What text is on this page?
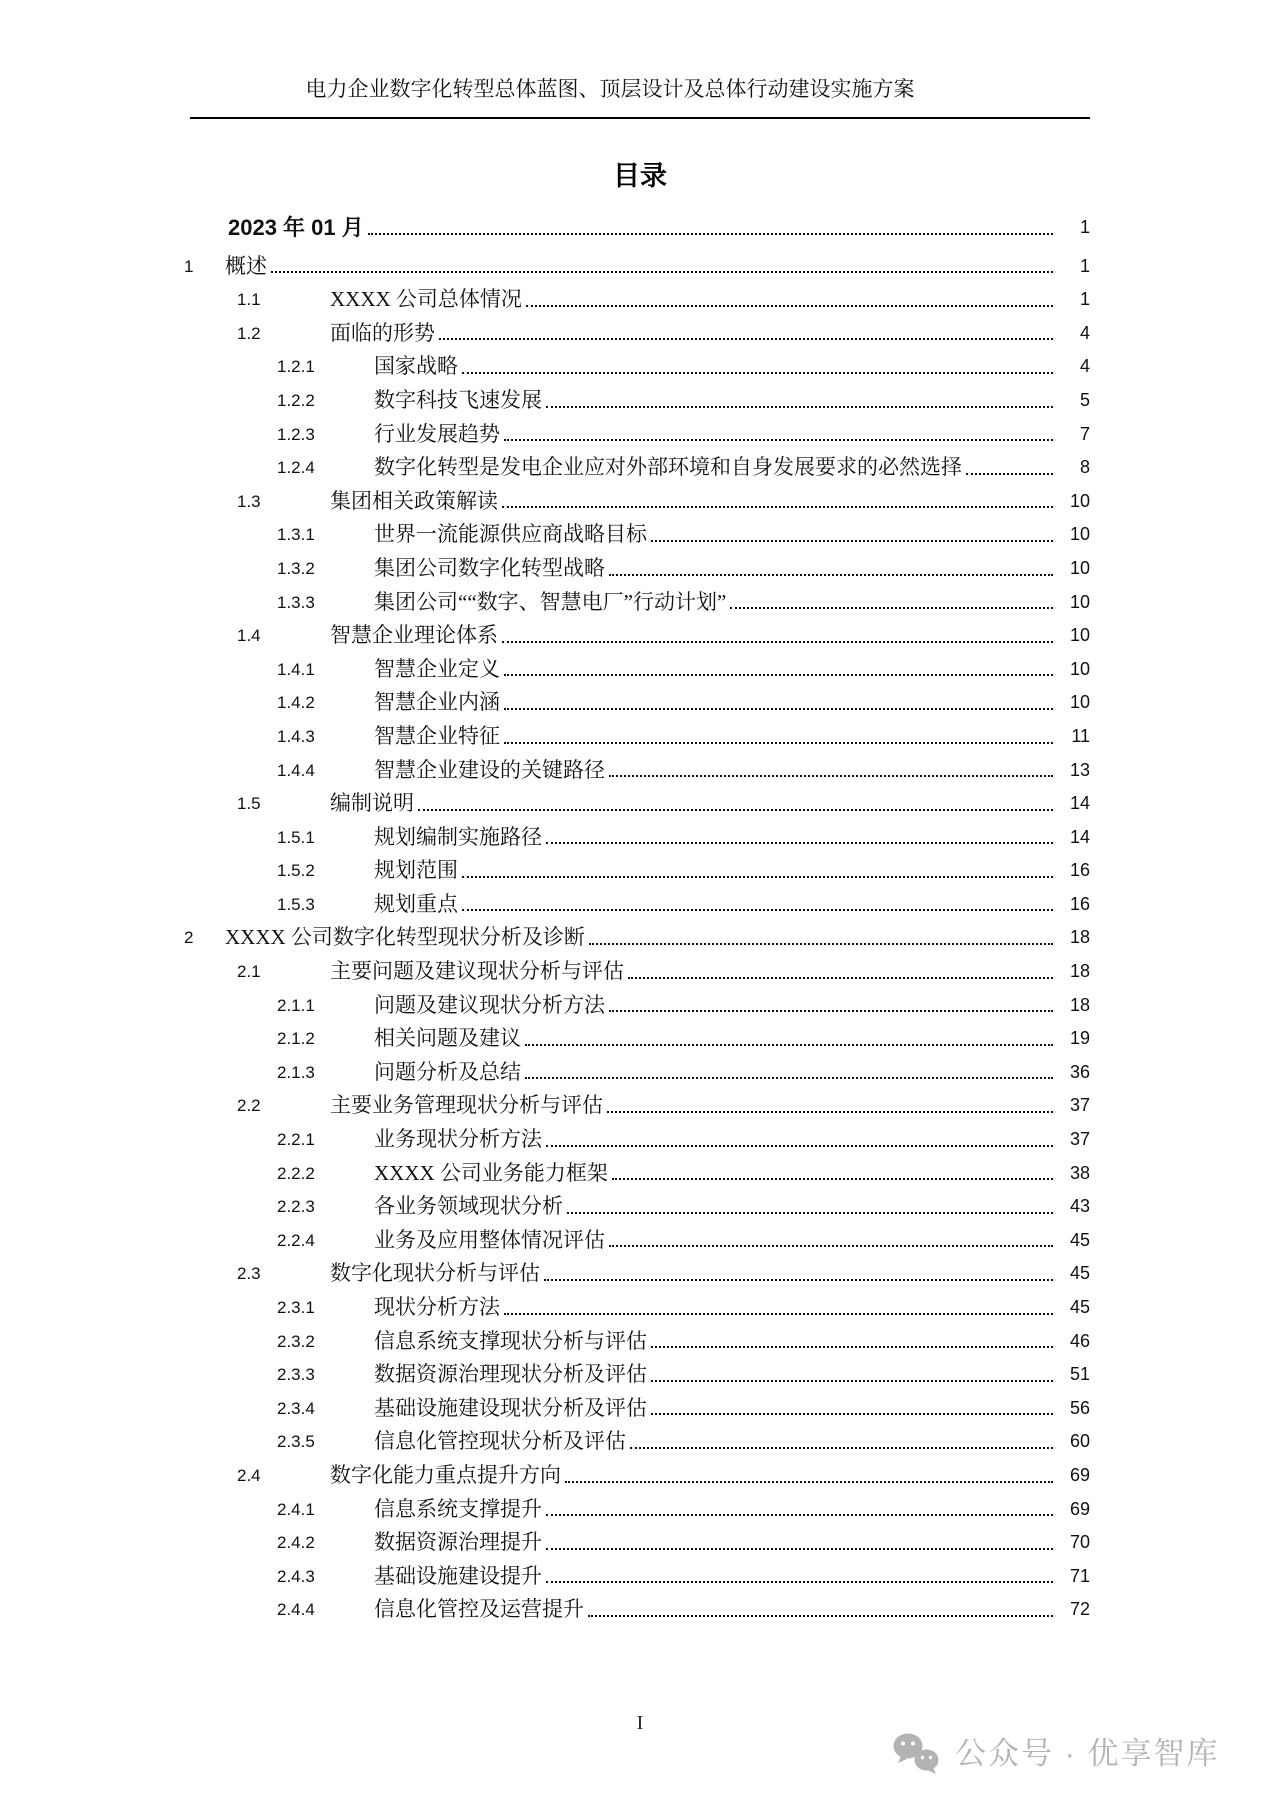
电力企业数字化转型总体蓝图、顶层设计及总体行动建设实施方案
目录
2023 年 01 月	1
1	概述	1
1.1	XXXX 公司总体情况	1
1.2	面临的形势	4
1.2.1	国家战略	4
1.2.2	数字科技飞速发展	5
1.2.3	行业发展趋势	7
1.2.4	数字化转型是发电企业应对外部环境和自身发展要求的必然选择	8
1.3	集团相关政策解读	10
1.3.1	世界一流能源供应商战略目标	10
1.3.2	集团公司数字化转型战略	10
1.3.3	集团公司““数字、智慧电厂”行动计划”	10
1.4	智慧企业理论体系	10
1.4.1	智慧企业定义	10
1.4.2	智慧企业内涵	10
1.4.3	智慧企业特征	11
1.4.4	智慧企业建设的关键路径	13
1.5	编制说明	14
1.5.1	规划编制实施路径	14
1.5.2	规划范围	16
1.5.3	规划重点	16
2	XXXX 公司数字化转型现状分析及诊断	18
2.1	主要问题及建议现状分析与评估	18
2.1.1	问题及建议现状分析方法	18
2.1.2	相关问题及建议	19
2.1.3	问题分析及总结	36
2.2	主要业务管理现状分析与评估	37
2.2.1	业务现状分析方法	37
2.2.2	XXXX 公司业务能力框架	38
2.2.3	各业务领域现状分析	43
2.2.4	业务及应用整体情况评估	45
2.3	数字化现状分析与评估	45
2.3.1	现状分析方法	45
2.3.2	信息系统支撑现状分析与评估	46
2.3.3	数据资源治理现状分析及评估	51
2.3.4	基础设施建设现状分析及评估	56
2.3.5	信息化管控现状分析及评估	60
2.4	数字化能力重点提升方向	69
2.4.1	信息系统支撑提升	69
2.4.2	数据资源治理提升	70
2.4.3	基础设施建设提升	71
2.4.4	信息化管控及运营提升	72
I
公众号 · 优享智库
